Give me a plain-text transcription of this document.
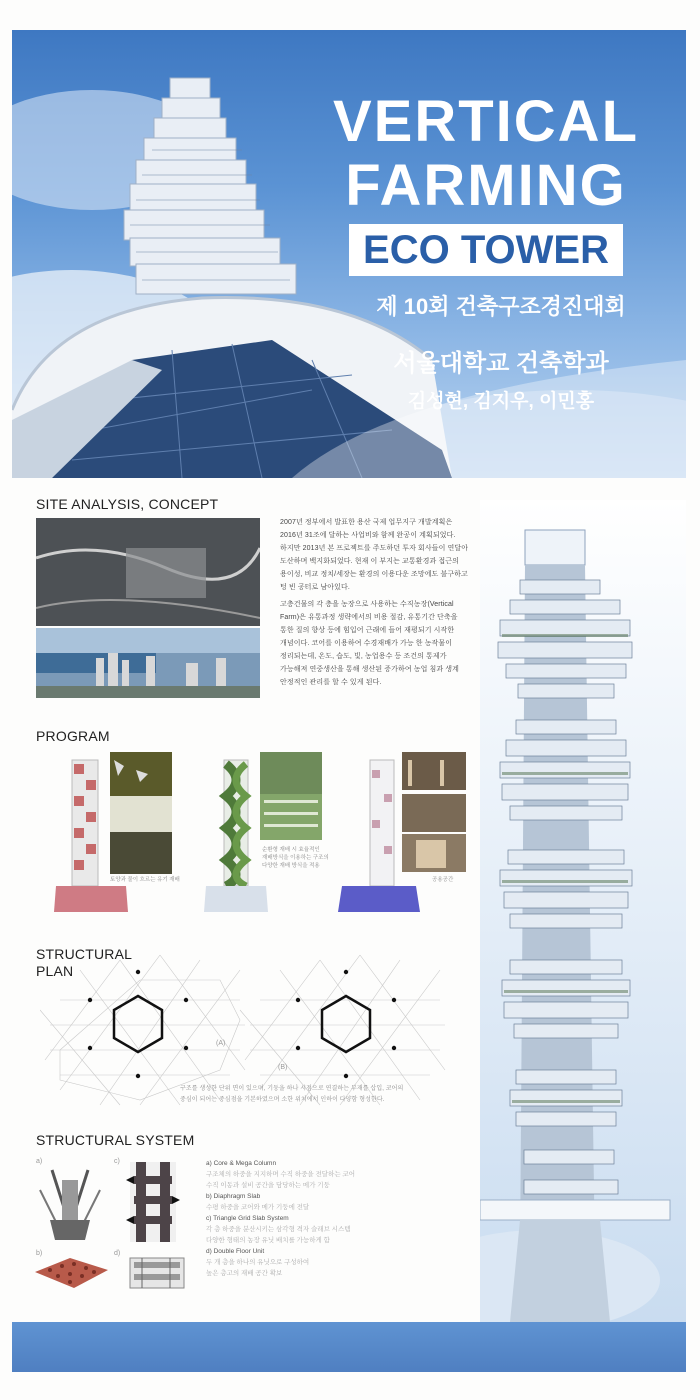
VERTICAL
FARMING
ECO TOWER
제 10회 건축구조경진대회
서울대학교 건축학과
김성현, 김지우, 이민홍
SITE ANALYSIS, CONCEPT
2007년 정부에서 발표한 용산 국제 업무지구 개발계획은
2016년 31조에 달하는 사업비와 함께 완공이 계획되었다.
하지만 2013년 본 프로젝트를 주도하던 투자 회사들이 연달아
도산하며 백지화되었다. 현재 이 부지는 교통환경과 접근의
용이성, 비교 정치/세장는 환경의 이용다운 조망에도 불구하고
텅 빈 공터로 남아있다.
고층건물의 각 층을 농장으로 사용하는 수직농장(Vertical
Farm)은 유통과정 생략에서의 비용 절감, 유통기간 단축을
통한 질의 향상 등에 힘입어 근래에 들어 재평되기 시작한
개념이다. 코어를 이용하여 수경재배가 가능 한 농작물이
정리되는데, 온도, 습도, 빛, 농업용수 등 조건의 통제가
가능해져 연중생산을 통해 생산된 증가하여 농업 침과 생계
안정적인 관리를 할 수 있게 된다.
PROGRAM
토양과 물이 흐르는 유기 재배
순환형 재배 시 효율적인
재배방식을 이용하는 구조의
다양한 재배 방식을 적용
공용공간
STRUCTURAL
PLAN
(A)
(B)
구조를 생성한 단위 면이 있으며, 기둥을 하나 시점으로 연결하는 부재를 삽입, 코어의
중심이 되어는 중심점을 기본하였으며 소한 위치에서 인하이 다양함 형성한다.
STRUCTURAL SYSTEM
a)	c)
b)	d)
a) Core & Mega Column
구조체의 하중을 지지하며 수직 하중을 전달하는 코어
수직 이동과 설비 공간을 담당하는 메가 기둥
b) Diaphragm Slab
수평 하중을 코어와 메가 기둥에 전달
c) Triangle Grid Slab System
각 층 하중을 분산시키는 삼각형 격자 슬래브 시스템
다양한 형태의 농장 유닛 배치를 가능하게 함
d) Double Floor Unit
두 개 층을 하나의 유닛으로 구성하여
높은 층고의 재배 공간 확보
